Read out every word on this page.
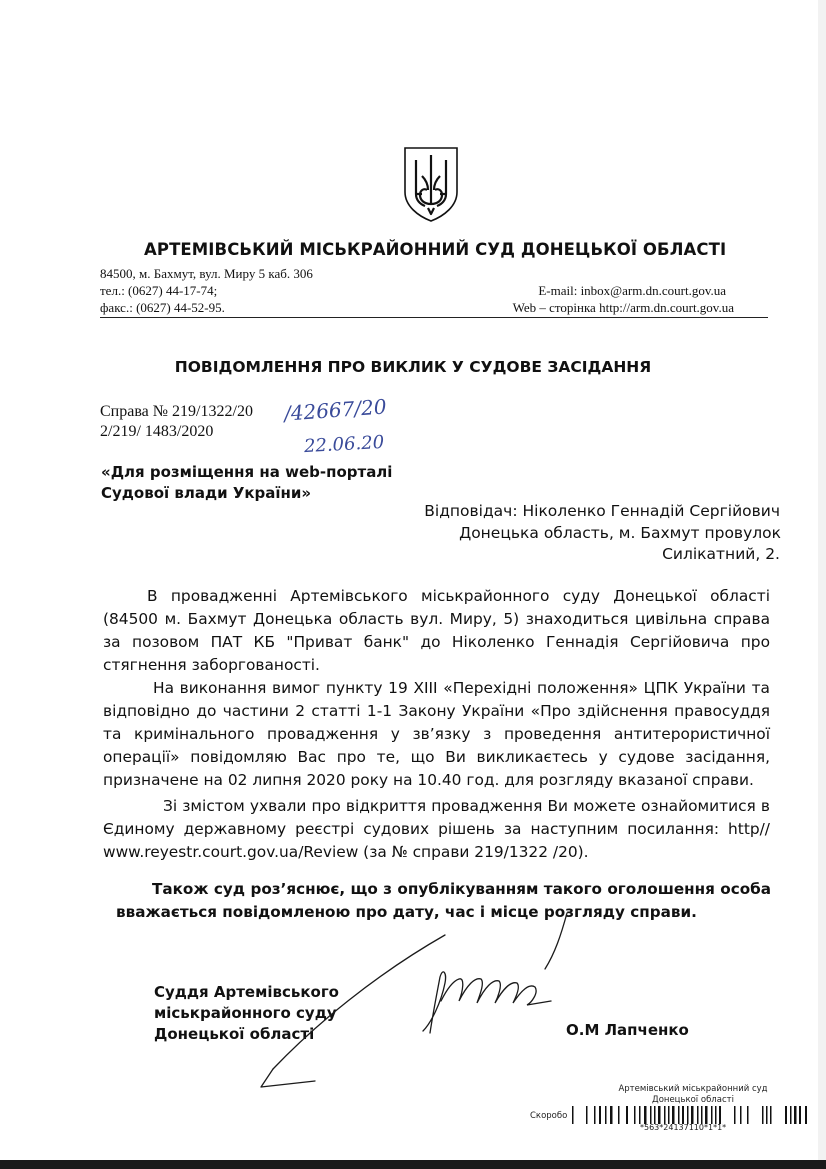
АРТЕМІВСЬКИЙ МІСЬКРАЙОННИЙ СУД ДОНЕЦЬКОЇ ОБЛАСТІ
84500, м. Бахмут, вул. Миру 5 каб. 306
тел.: (0627) 44-17-74;
факс.: (0627) 44-52-95.
E-mail: inbox@arm.dn.court.gov.ua
Web – сторінка http://arm.dn.court.gov.ua
ПОВІДОМЛЕННЯ ПРО ВИКЛИК У СУДОВЕ ЗАСІДАННЯ
Справа № 219/1322/20
2/219/ 1483/2020
/42667/20
22.06.20
«Для розміщення на web-порталі
Судової влади України»
Відповідач: Ніколенко Геннадій Сергійович
Донецька область, м. Бахмут провулок
Силікатний, 2.
В провадженні Артемівського міськрайонного суду Донецької області (84500 м. Бахмут Донецька область вул. Миру, 5) знаходиться цивільна справа за позовом ПАТ КБ "Приват банк" до Ніколенко Геннадія Сергійовича про стягнення заборгованості.
На виконання вимог пункту 19 ХІІІ «Перехідні положення» ЦПК України та відповідно до частини 2 статті 1-1 Закону України «Про здійснення правосуддя та кримінального провадження у зв’язку з проведення антитерористичної операції» повідомляю Вас про те, що Ви викликаєтесь у судове засідання, призначене на 02 липня 2020 року на 10.40 год. для розгляду вказаної справи.
Зі змістом ухвали про відкриття провадження Ви можете ознайомитися в Єдиному державному реєстрі судових рішень за наступним посилання: http// www.reyestr.court.gov.ua/Review (за № справи 219/1322 /20).
Також суд роз’яснює, що з опублікуванням такого оголошення особа вважається повідомленою про дату, час і місце розгляду справи.
Суддя Артемівського
міськрайонного суду
Донецької області	О.М Лапченко
Артемівський міськрайонний суд
Донецької області
Скоробо
*563*24137110*1*1*
